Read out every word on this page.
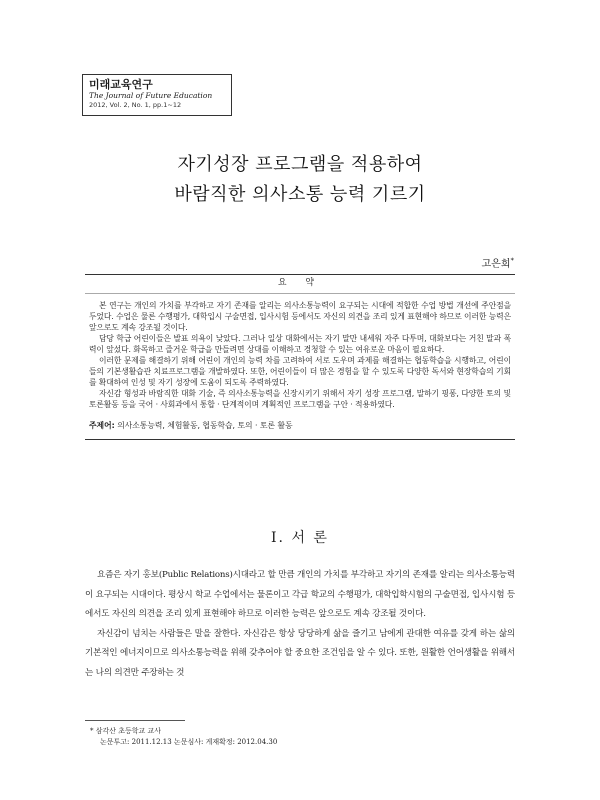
미래교육연구
The Journal of Future Education
2012, Vol. 2, No. 1, pp.1~12
자기성장 프로그램을 적용하여
바람직한 의사소통 능력 기르기
고은희*
요 약

본 연구는 개인의 가치를 부각하고 자기 존재를 알리는 의사소통능력이 요구되는 시대에 적합한 수업 방법 개선에 주안점을 두었다. 수업은 물론 수행평가, 대학입시 구술면접, 입사시험 등에서도 자신의 의견을 조리 있게 표현해야 하므로 이러한 능력은 앞으로도 계속 강조될 것이다.

담당 학급 어린이들은 발표 의욕이 낮았다. 그러나 일상 대화에서는 자기 말만 내세워 자주 다투며, 대화보다는 거친 말과 폭력이 앞섰다. 화목하고 즐거운 학급을 만들려면 상대를 이해하고 경청할 수 있는 여유로운 마음이 필요하다.

이러한 문제를 해결하기 위해 어린이 개인의 능력 차를 고려하여 서로 도우며 과제를 해결하는 협동학습을 시행하고, 어린이들의 기본생활습관 치료프로그램을 개발하였다. 또한, 어린이들이 더 많은 경험을 할 수 있도록 다양한 독서와 현장학습의 기회를 확대하여 인성 및 자기 성장에 도움이 되도록 주력하였다.

자신감 형성과 바람직한 대화 기술, 즉 의사소통능력을 신장시키기 위해서 자기 성장 프로그램, 말하기 핑퐁, 다양한 토의 및 토론활동 등을 국어 · 사회과에서 통합 · 단계적이며 계획적인 프로그램을 구안 · 적용하였다.

주제어: 의사소통능력, 체험활동, 협동학습, 토의 · 토론 활동
I. 서 론

요즘은 자기 홍보(Public Relations)시대라고 할 만큼 개인의 가치를 부각하고 자기의 존재를 알리는 의사소통능력이 요구되는 시대이다. 평상시 학교 수업에서는 물론이고 각급 학교의 수행평가, 대학입학시험의 구술면접, 입사시험 등에서도 자신의 의견을 조리 있게 표현해야 하므로 이러한 능력은 앞으로도 계속 강조될 것이다.

자신감이 넘치는 사람들은 말을 잘한다. 자신감은 항상 당당하게 삶을 즐기고 남에게 관대한 여유를 갖게 하는 삶의 기본적인 에너지이므로 의사소통능력을 위해 갖추어야 할 중요한 조건임을 알 수 있다. 또한, 원활한 언어생활을 위해서는 나의 의견만 주장하는 것

* 삼각산 초등학교 교사
논문투고: 2011.12.13 논문심사: 게재확정: 2012.04.30
